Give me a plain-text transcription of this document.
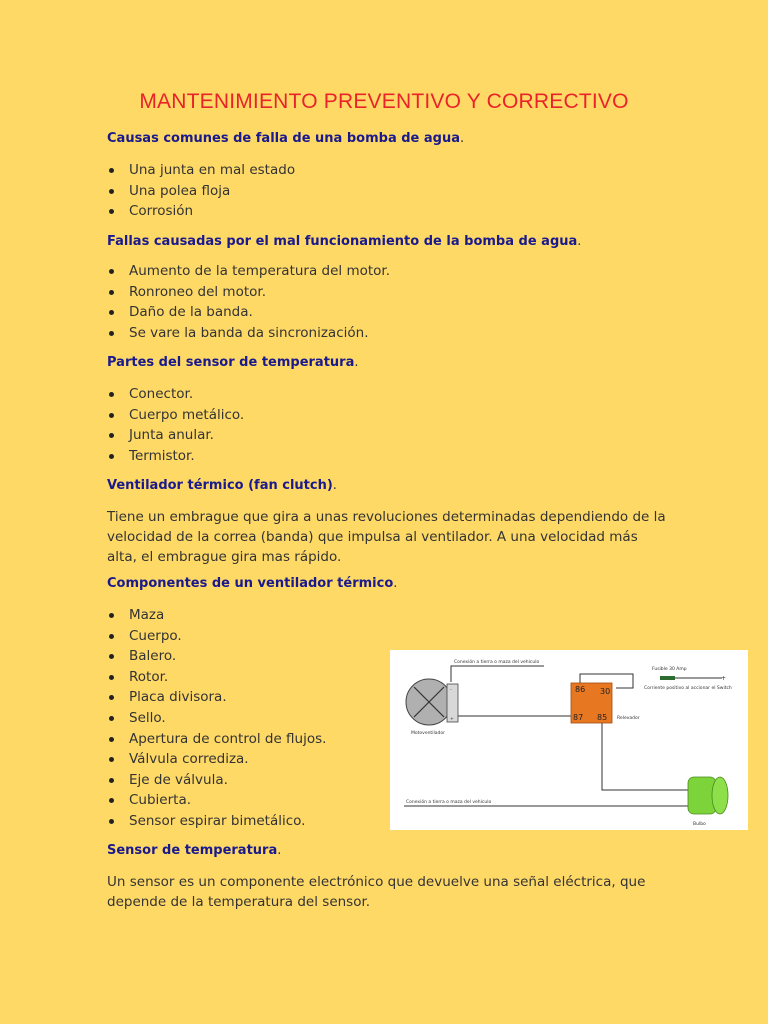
MANTENIMIENTO PREVENTIVO Y CORRECTIVO
Causas comunes de falla de una bomba de agua.
Una junta en mal estado
Una polea floja
Corrosión
Fallas causadas por el mal funcionamiento de la bomba de agua.
Aumento de la temperatura del motor.
Ronroneo del motor.
Daño de la banda.
Se vare la banda da sincronización.
Partes del sensor de temperatura.
Conector.
Cuerpo metálico.
Junta anular.
Termistor.
Ventilador térmico (fan clutch).
Tiene un embrague que gira a unas revoluciones determinadas dependiendo de la velocidad de la correa (banda) que impulsa al ventilador. A una velocidad más alta, el embrague gira mas rápido.
Componentes de un ventilador térmico.
Maza
Cuerpo.
Balero.
Rotor.
Placa divisora.
Sello.
Apertura de control de flujos.
Válvula corrediza.
Eje de válvula.
Cubierta.
Sensor espirar bimetálico.
Sensor de temperatura.
Un sensor es un componente electrónico que devuelve una señal eléctrica, que depende de la temperatura del sensor.
-
+
Motoventilador
Conexión a tierra o maza del vehículo
86 30
87 85 Relevador
Fusible 30 Amp
+
Corriente positivo al accionar el Switch
Bulbo
Conexión a tierra o maza del vehículo
